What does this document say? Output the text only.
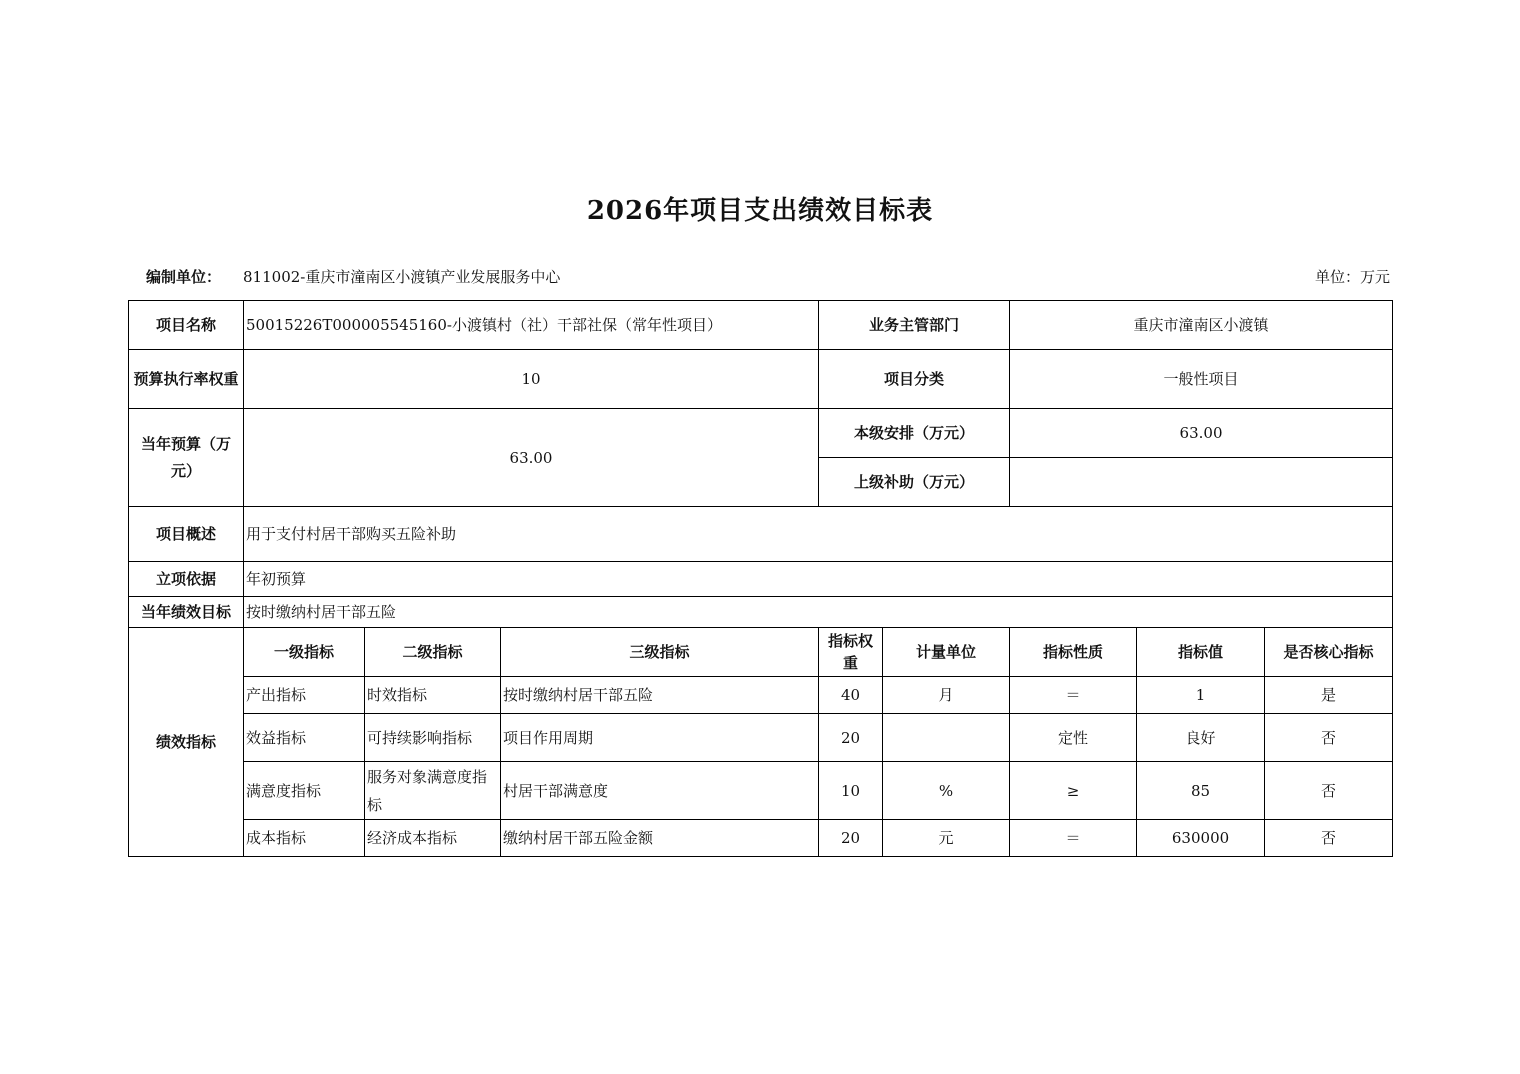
2026年项目支出绩效目标表
编制单位： 811002-重庆市潼南区小渡镇产业发展服务中心	单位：万元
项目名称	50015226T000005545160-小渡镇村（社）干部社保（常年性项目）			业务主管部门		重庆市潼南区小渡镇		
预算执行率权重	10			项目分类		一般性项目		
当年预算（万元）	63.00			本级安排（万元）		63.00		
				上级补助（万元）				
项目概述	用于支付村居干部购买五险补助							
立项依据	年初预算							
当年绩效目标	按时缴纳村居干部五险							
绩效指标	一级指标	二级指标	三级指标	指标权重	计量单位	指标性质	指标值	是否核心指标
	产出指标	时效指标	按时缴纳村居干部五险	40	月	＝	1	是
	效益指标	可持续影响指标	项目作用周期	20		定性	良好	否
	满意度指标	服务对象满意度指标	村居干部满意度	10	%	≥	85	否
	成本指标	经济成本指标	缴纳村居干部五险金额	20	元	＝	630000	否
